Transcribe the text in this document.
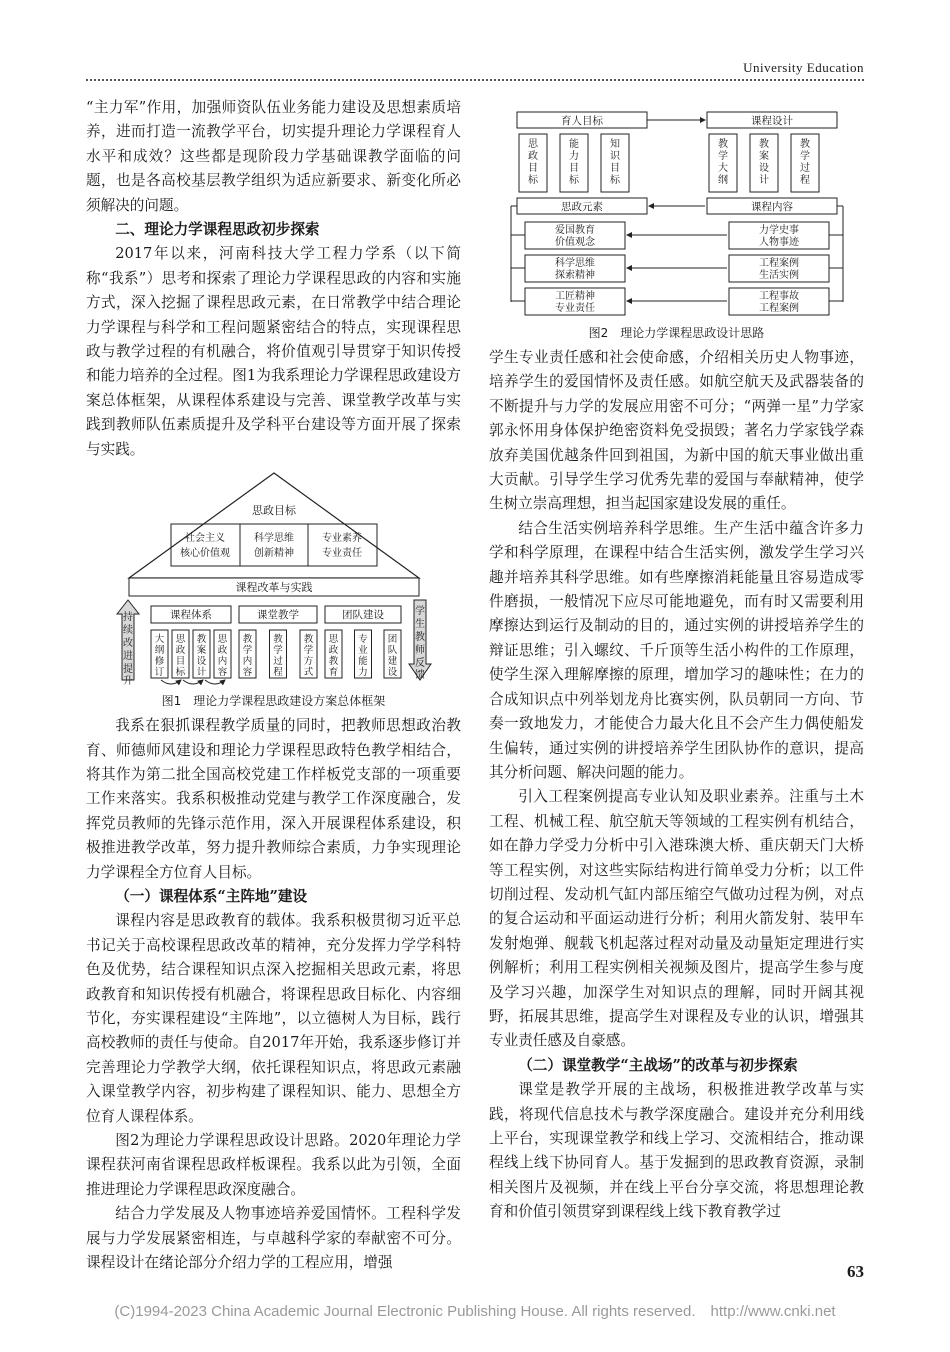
University Education

“主力军”作用，加强师资队伍业务能力建设及思想素质培养，进而打造一流教学平台，切实提升理论力学课程育人水平和成效？这些都是现阶段力学基础课教学面临的问题，也是各高校基层教学组织为适应新要求、新变化所必须解决的问题。

二、理论力学课程思政初步探索

2017年以来，河南科技大学工程力学系（以下简称“我系”）思考和探索了理论力学课程思政的内容和实施方式，深入挖掘了课程思政元素，在日常教学中结合理论力学课程与科学和工程问题紧密结合的特点，实现课程思政与教学过程的有机融合，将价值观引导贯穿于知识传授和能力培养的全过程。图1为我系理论力学课程思政建设方案总体框架，从课程体系建设与完善、课堂教学改革与实践到教师队伍素质提升及学科平台建设等方面开展了探索与实践。

思政目标
社会主义
核心价值观
科学思维
创新精神
专业素养
专业责任
课程改革与实践
持
续
改
进
提
升
学
生
教
师
反
馈
课程体系	课堂教学	团队建设
大纲修订
思政目标
教案设计
思政内容
教学内容
教学过程
教学方式
思政教育
专业能力
团队建设
图1　理论力学课程思政建设方案总体框架

我系在狠抓课程教学质量的同时，把教师思想政治教育、师德师风建设和理论力学课程思政特色教学相结合，将其作为第二批全国高校党建工作样板党支部的一项重要工作来落实。我系积极推动党建与教学工作深度融合，发挥党员教师的先锋示范作用，深入开展课程体系建设，积极推进教学改革，努力提升教师综合素质，力争实现理论力学课程全方位育人目标。

（一）课程体系“主阵地”建设

课程内容是思政教育的载体。我系积极贯彻习近平总书记关于高校课程思政改革的精神，充分发挥力学学科特色及优势，结合课程知识点深入挖掘相关思政元素，将思政教育和知识传授有机融合，将课程思政目标化、内容细节化，夯实课程建设“主阵地”，以立德树人为目标，践行高校教师的责任与使命。自2017年开始，我系逐步修订并完善理论力学教学大纲，依托课程知识点，将思政元素融入课堂教学内容，初步构建了课程知识、能力、思想全方位育人课程体系。

图2为理论力学课程思政设计思路。2020年理论力学课程获河南省课程思政样板课程。我系以此为引领，全面推进理论力学课程思政深度融合。

结合力学发展及人物事迹培养爱国情怀。工程科学发展与力学发展紧密相连，与卓越科学家的奉献密不可分。课程设计在绪论部分介绍力学的工程应用，增强

育人目标	课程设计
思政目标
能力目标
知识目标
教学大纲
教案设计
教学过程
思政元素	课程内容
爱国教育
价值观念
力学史事
人物事迹
科学思维
探索精神
工程案例
生活实例
工匠精神
专业责任
工程事故
工程案例
图2　理论力学课程思政设计思路

学生专业责任感和社会使命感，介绍相关历史人物事迹，培养学生的爱国情怀及责任感。如航空航天及武器装备的不断提升与力学的发展应用密不可分；“两弹一星”力学家郭永怀用身体保护绝密资料免受损毁；著名力学家钱学森放弃美国优越条件回到祖国，为新中国的航天事业做出重大贡献。引导学生学习优秀先辈的爱国与奉献精神，使学生树立崇高理想，担当起国家建设发展的重任。

结合生活实例培养科学思维。生产生活中蕴含许多力学和科学原理，在课程中结合生活实例，激发学生学习兴趣并培养其科学思维。如有些摩擦消耗能量且容易造成零件磨损，一般情况下应尽可能地避免，而有时又需要利用摩擦达到运行及制动的目的，通过实例的讲授培养学生的辩证思维；引入螺纹、千斤顶等生活小构件的工作原理，使学生深入理解摩擦的原理，增加学习的趣味性；在力的合成知识点中列举划龙舟比赛实例，队员朝同一方向、节奏一致地发力，才能使合力最大化且不会产生力偶使船发生偏转，通过实例的讲授培养学生团队协作的意识，提高其分析问题、解决问题的能力。

引入工程案例提高专业认知及职业素养。注重与土木工程、机械工程、航空航天等领域的工程实例有机结合，如在静力学受力分析中引入港珠澳大桥、重庆朝天门大桥等工程实例，对这些实际结构进行简单受力分析；以工件切削过程、发动机气缸内部压缩空气做功过程为例，对点的复合运动和平面运动进行分析；利用火箭发射、装甲车发射炮弹、舰载飞机起落过程对动量及动量矩定理进行实例解析；利用工程实例相关视频及图片，提高学生参与度及学习兴趣，加深学生对知识点的理解，同时开阔其视野，拓展其思维，提高学生对课程及专业的认识，增强其专业责任感及自豪感。

（二）课堂教学“主战场”的改革与初步探索

课堂是教学开展的主战场，积极推进教学改革与实践，将现代信息技术与教学深度融合。建设并充分利用线上平台，实现课堂教学和线上学习、交流相结合，推动课程线上线下协同育人。基于发掘到的思政教育资源，录制相关图片及视频，并在线上平台分享交流，将思想理论教育和价值引领贯穿到课程线上线下教育教学过

63
(C)1994-2023 China Academic Journal Electronic Publishing House. All rights reserved.　http://www.cnki.net
